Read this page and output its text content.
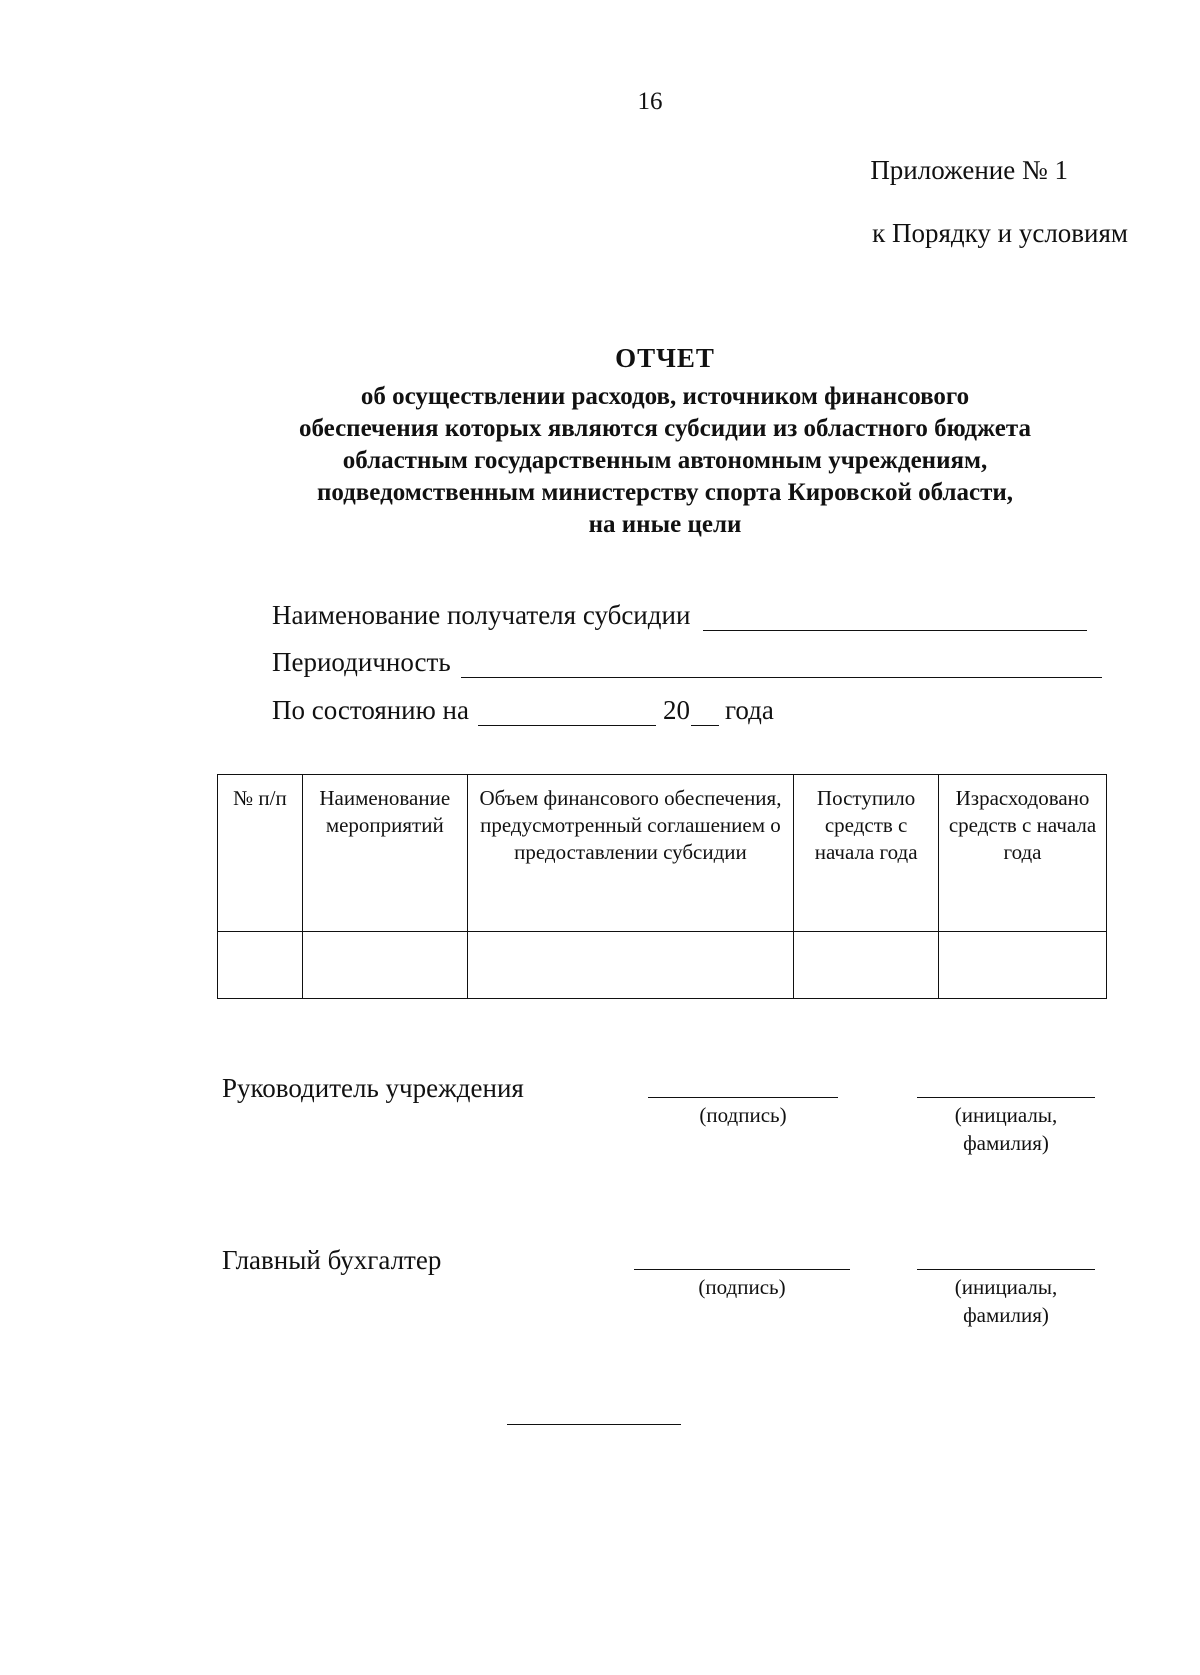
16
Приложение № 1
к Порядку и условиям
ОТЧЕТ
об осуществлении расходов, источником финансового
обеспечения которых являются субсидии из областного бюджета
областным государственным автономным учреждениям,
подведомственным министерству спорта Кировской области,
на иные цели
Наименование получателя субсидии
Периодичность
По состоянию на	20 года
№ п/п	Наименование мероприятий	Объем финансового обеспечения, предусмотренный соглашением о предоставлении субсидии	Поступило средств с начала года	Израсходовано средств с начала года

Руководитель учреждения
(подпись)	(инициалы,
фамилия)
Главный бухгалтер
(подпись)	(инициалы,
фамилия)
